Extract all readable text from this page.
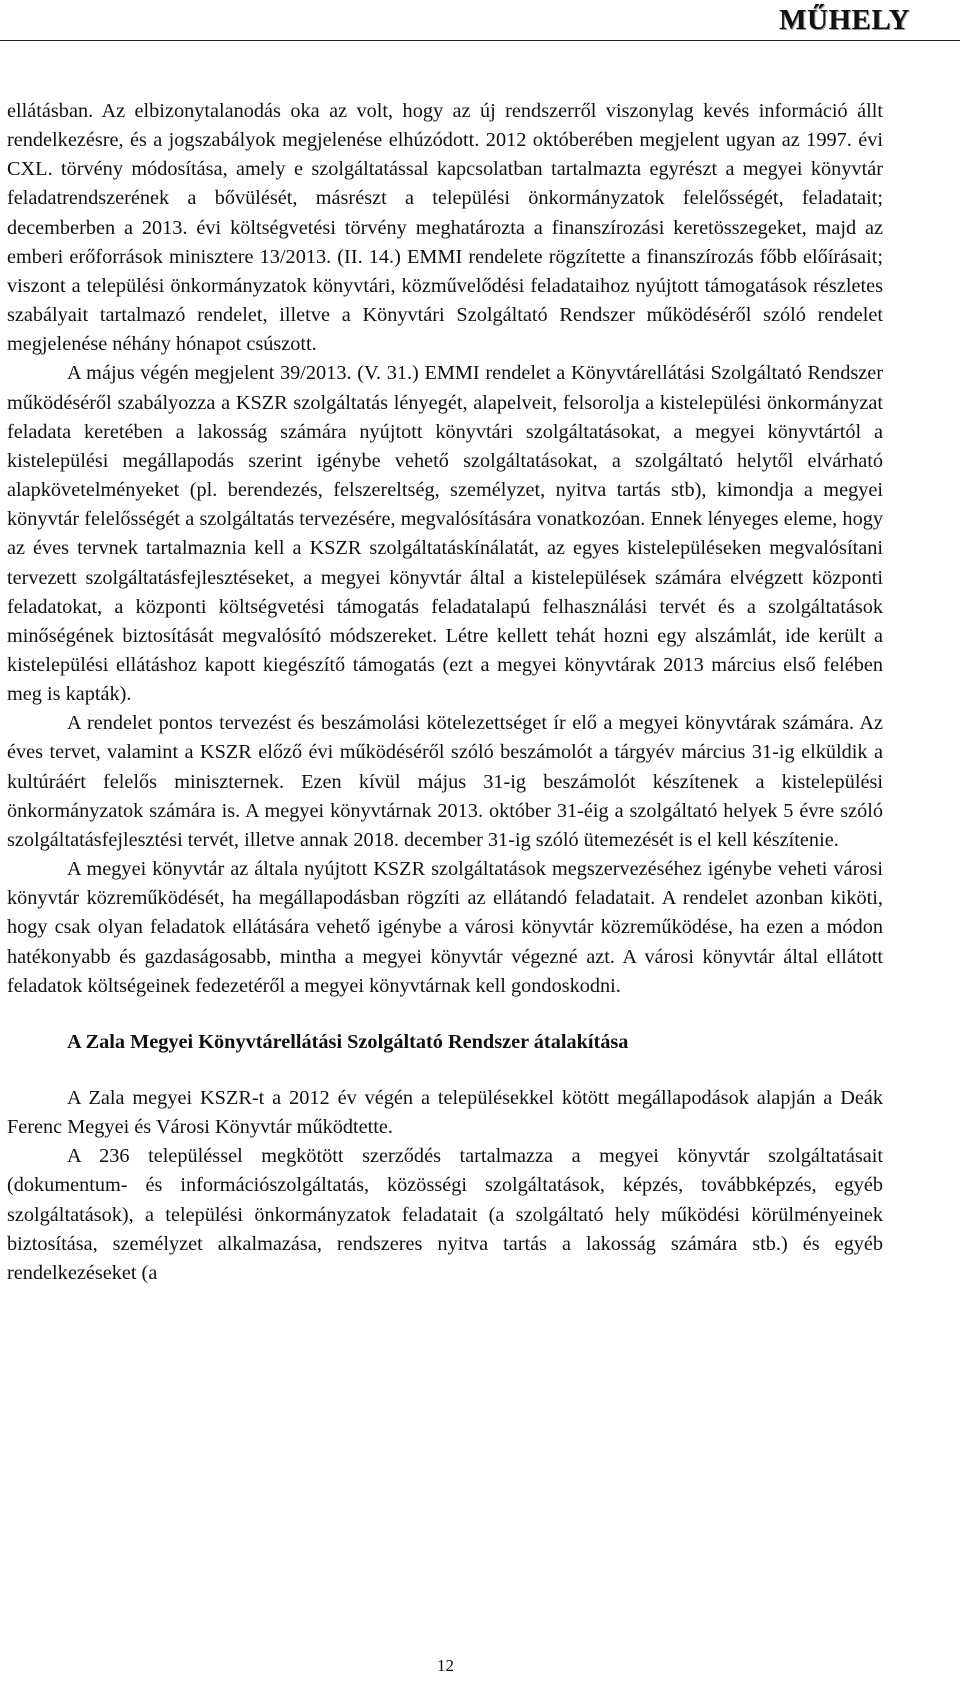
MŰHELY

ellátásban. Az elbizonytalanodás oka az volt, hogy az új rendszerről viszonylag kevés információ állt rendelkezésre, és a jogszabályok megjelenése elhúzódott. 2012 októberében megjelent ugyan az 1997. évi CXL. törvény módosítása, amely e szolgáltatással kapcsolatban tartalmazta egyrészt a megyei könyvtár feladatrendszerének a bővülését, másrészt a települési önkormányzatok felelősségét, feladatait; decemberben a 2013. évi költségvetési törvény meghatározta a finanszírozási keretösszegeket, majd az emberi erőforrások minisztere 13/2013. (II. 14.) EMMI rendelete rögzítette a finanszírozás főbb előírásait; viszont a települési önkormányzatok könyvtári, közművelődési feladataihoz nyújtott támogatások részletes szabályait tartalmazó rendelet, illetve a Könyvtári Szolgáltató Rendszer működéséről szóló rendelet megjelenése néhány hónapot csúszott.

A május végén megjelent 39/2013. (V. 31.) EMMI rendelet a Könyvtárellátási Szolgáltató Rendszer működéséről szabályozza a KSZR szolgáltatás lényegét, alapelveit, felsorolja a kistelepülési önkormányzat feladata keretében a lakosság számára nyújtott könyvtári szolgáltatásokat, a megyei könyvtártól a kistelepülési megállapodás szerint igénybe vehető szolgáltatásokat, a szolgáltató helytől elvárható alapkövetelményeket (pl. berendezés, felszereltség, személyzet, nyitva tartás stb), kimondja a megyei könyvtár felelősségét a szolgáltatás tervezésére, megvalósítására vonatkozóan. Ennek lényeges eleme, hogy az éves tervnek tartalmaznia kell a KSZR szolgáltatáskínálatát, az egyes kistelepüléseken megvalósítani tervezett szolgáltatásfejlesztéseket, a megyei könyvtár által a kistelepülések számára elvégzett központi feladatokat, a központi költségvetési támogatás feladatalapú felhasználási tervét és a szolgáltatások minőségének biztosítását megvalósító módszereket. Létre kellett tehát hozni egy alszámlát, ide került a kistelepülési ellátáshoz kapott kiegészítő támogatás (ezt a megyei könyvtárak 2013 március első felében meg is kapták).

A rendelet pontos tervezést és beszámolási kötelezettséget ír elő a megyei könyvtárak számára. Az éves tervet, valamint a KSZR előző évi működéséről szóló beszámolót a tárgyév március 31-ig elküldik a kultúráért felelős miniszternek. Ezen kívül május 31-ig beszámolót készítenek a kistelepülési önkormányzatok számára is. A megyei könyvtárnak 2013. október 31-éig a szolgáltató helyek 5 évre szóló szolgáltatásfejlesztési tervét, illetve annak 2018. december 31-ig szóló ütemezését is el kell készítenie.

A megyei könyvtár az általa nyújtott KSZR szolgáltatások megszervezéséhez igénybe veheti városi könyvtár közreműködését, ha megállapodásban rögzíti az ellátandó feladatait. A rendelet azonban kiköti, hogy csak olyan feladatok ellátására vehető igénybe a városi könyvtár közreműködése, ha ezen a módon hatékonyabb és gazdaságosabb, mintha a megyei könyvtár végezné azt. A városi könyvtár által ellátott feladatok költségeinek fedezetéről a megyei könyvtárnak kell gondoskodni.

A Zala Megyei Könyvtárellátási Szolgáltató Rendszer átalakítása

A Zala megyei KSZR-t a 2012 év végén a településekkel kötött megállapodások alapján a Deák Ferenc Megyei és Városi Könyvtár működtette.

A 236 településsel megkötött szerződés tartalmazza a megyei könyvtár szolgáltatásait (dokumentum- és információszolgáltatás, közösségi szolgáltatások, képzés, továbbképzés, egyéb szolgáltatások), a települési önkormányzatok feladatait (a szolgáltató hely működési körülményeinek biztosítása, személyzet alkalmazása, rendszeres nyitva tartás a lakosság számára stb.) és egyéb rendelkezéseket (a

12
